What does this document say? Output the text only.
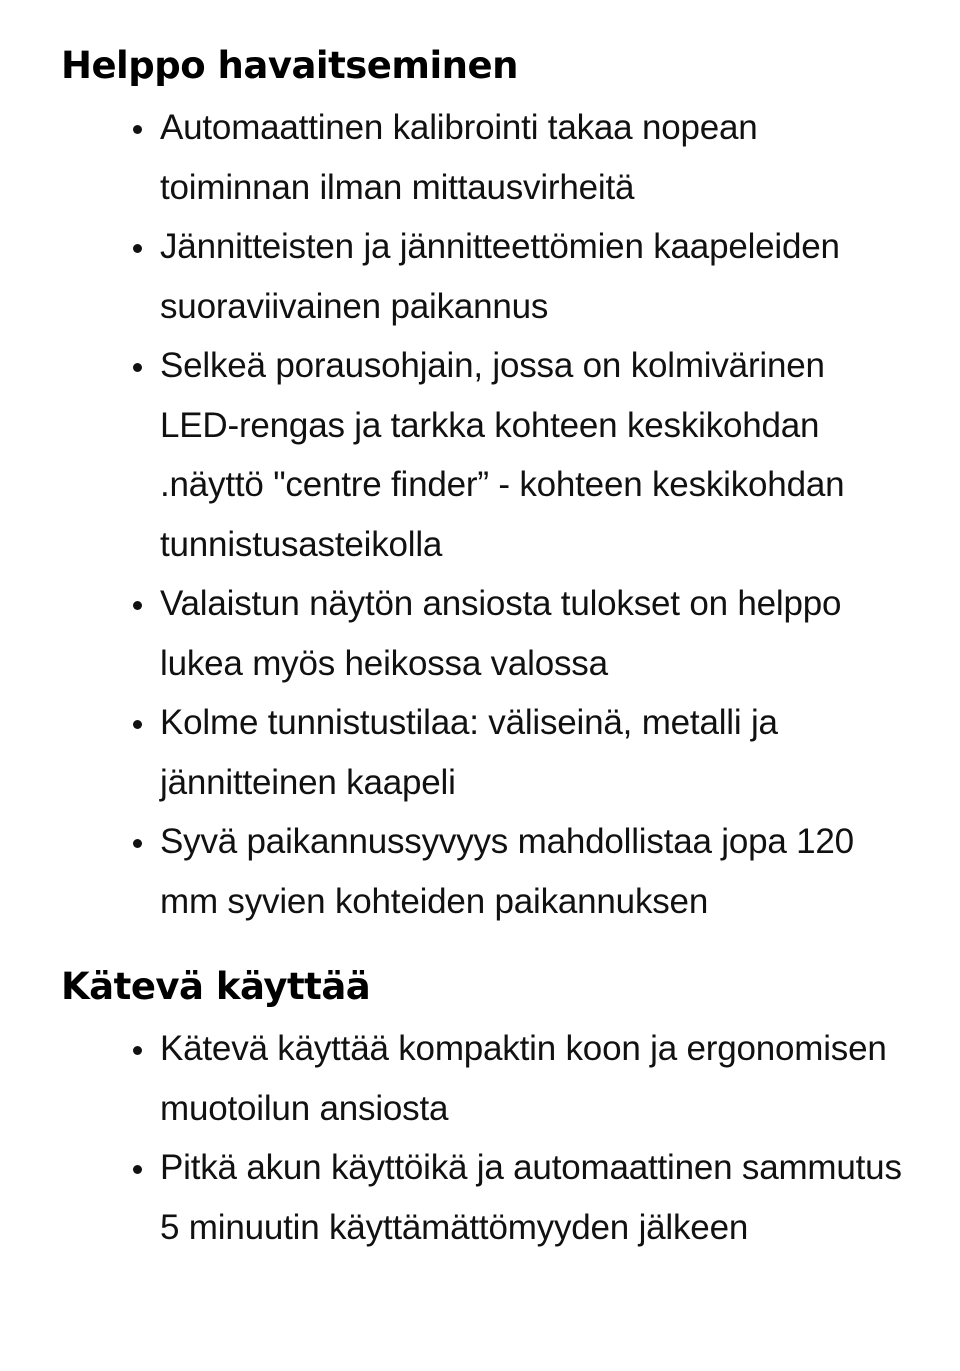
Helppo havaitseminen
Automaattinen kalibrointi takaa nopean toiminnan ilman mittausvirheitä
Jännitteisten ja jännitteettömien kaapeleiden suoraviivainen paikannus
Selkeä porausohjain, jossa on kolmivärinen LED-rengas ja tarkka kohteen keskikohdan .näyttö "centre finder” - kohteen keskikohdan tunnistusasteikolla
Valaistun näytön ansiosta tulokset on helppo lukea myös heikossa valossa
Kolme tunnistustilaa: väliseinä, metalli ja jännitteinen kaapeli
Syvä paikannussyvyys mahdollistaa jopa 120 mm syvien kohteiden paikannuksen
Kätevä käyttää
Kätevä käyttää kompaktin koon ja ergonomisen muotoilun ansiosta
Pitkä akun käyttöikä ja automaattinen sammutus 5 minuutin käyttämättömyyden jälkeen
